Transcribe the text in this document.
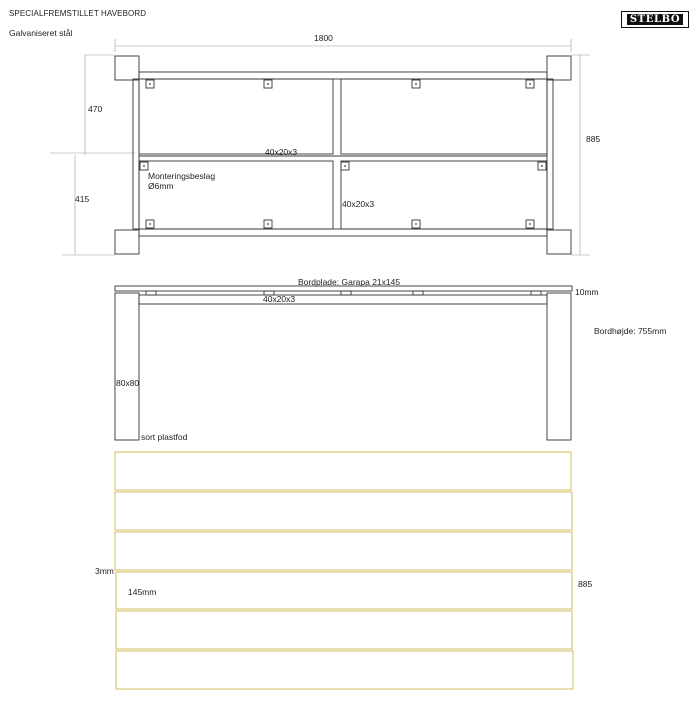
SPECIALFREMSTILLET HAVEBORD
Galvaniseret stål
STELBO
1800
885
470
415
40x20x3
40x20x3
Monteringsbeslag
Ø6mm
Bordplade: Garapa 21x145
10mm
40x20x3
Bordhøjde: 755mm
80x80
sort plastfod
3mm
145mm
885
